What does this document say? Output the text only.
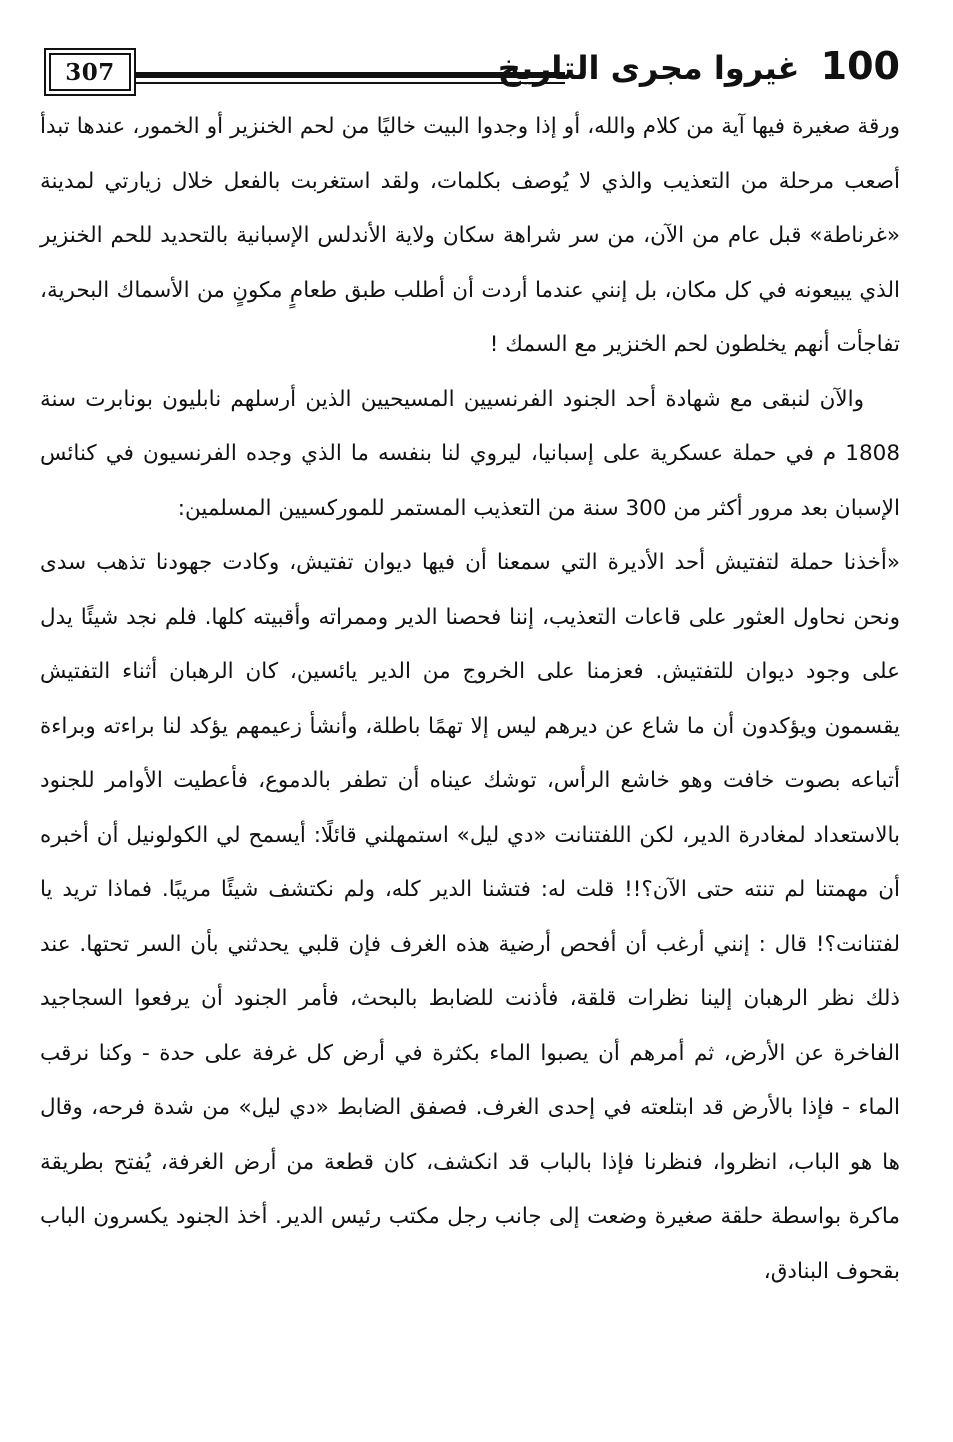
307	100 غيروا مجرى التاريخ

ورقة صغيرة فيها آية من كلام والله، أو إذا وجدوا البيت خاليًا من لحم الخنزير أو الخمور، عندها تبدأ أصعب مرحلة من التعذيب والذي لا يُوصف بكلمات، ولقد استغربت بالفعل خلال زيارتي لمدينة «غرناطة» قبل عام من الآن، من سر شراهة سكان ولاية الأندلس الإسبانية بالتحديد للحم الخنزير الذي يبيعونه في كل مكان، بل إنني عندما أردت أن أطلب طبق طعامٍ مكونٍ من الأسماك البحرية، تفاجأت أنهم يخلطون لحم الخنزير مع السمك !

والآن لنبقى مع شهادة أحد الجنود الفرنسيين المسيحيين الذين أرسلهم نابليون بونابرت سنة 1808 م في حملة عسكرية على إسبانيا، ليروي لنا بنفسه ما الذي وجده الفرنسيون في كنائس الإسبان بعد مرور أكثر من 300 سنة من التعذيب المستمر للموركسيين المسلمين:

«أخذنا حملة لتفتيش أحد الأديرة التي سمعنا أن فيها ديوان تفتيش، وكادت جهودنا تذهب سدى ونحن نحاول العثور على قاعات التعذيب، إننا فحصنا الدير وممراته وأقبيته كلها. فلم نجد شيئًا يدل على وجود ديوان للتفتيش. فعزمنا على الخروج من الدير يائسين، كان الرهبان أثناء التفتيش يقسمون ويؤكدون أن ما شاع عن ديرهم ليس إلا تهمًا باطلة، وأنشأ زعيمهم يؤكد لنا براءته وبراءة أتباعه بصوت خافت وهو خاشع الرأس، توشك عيناه أن تطفر بالدموع، فأعطيت الأوامر للجنود بالاستعداد لمغادرة الدير، لكن اللفتنانت «دي ليل» استمهلني قائلًا: أيسمح لي الكولونيل أن أخبره أن مهمتنا لم تنته حتى الآن؟!! قلت له: فتشنا الدير كله، ولم نكتشف شيئًا مريبًا. فماذا تريد يا لفتنانت؟! قال : إنني أرغب أن أفحص أرضية هذه الغرف فإن قلبي يحدثني بأن السر تحتها. عند ذلك نظر الرهبان إلينا نظرات قلقة، فأذنت للضابط بالبحث، فأمر الجنود أن يرفعوا السجاجيد الفاخرة عن الأرض، ثم أمرهم أن يصبوا الماء بكثرة في أرض كل غرفة على حدة - وكنا نرقب الماء - فإذا بالأرض قد ابتلعته في إحدى الغرف. فصفق الضابط «دي ليل» من شدة فرحه، وقال ها هو الباب، انظروا، فنظرنا فإذا بالباب قد انكشف، كان قطعة من أرض الغرفة، يُفتح بطريقة ماكرة بواسطة حلقة صغيرة وضعت إلى جانب رجل مكتب رئيس الدير. أخذ الجنود يكسرون الباب بقحوف البنادق،
